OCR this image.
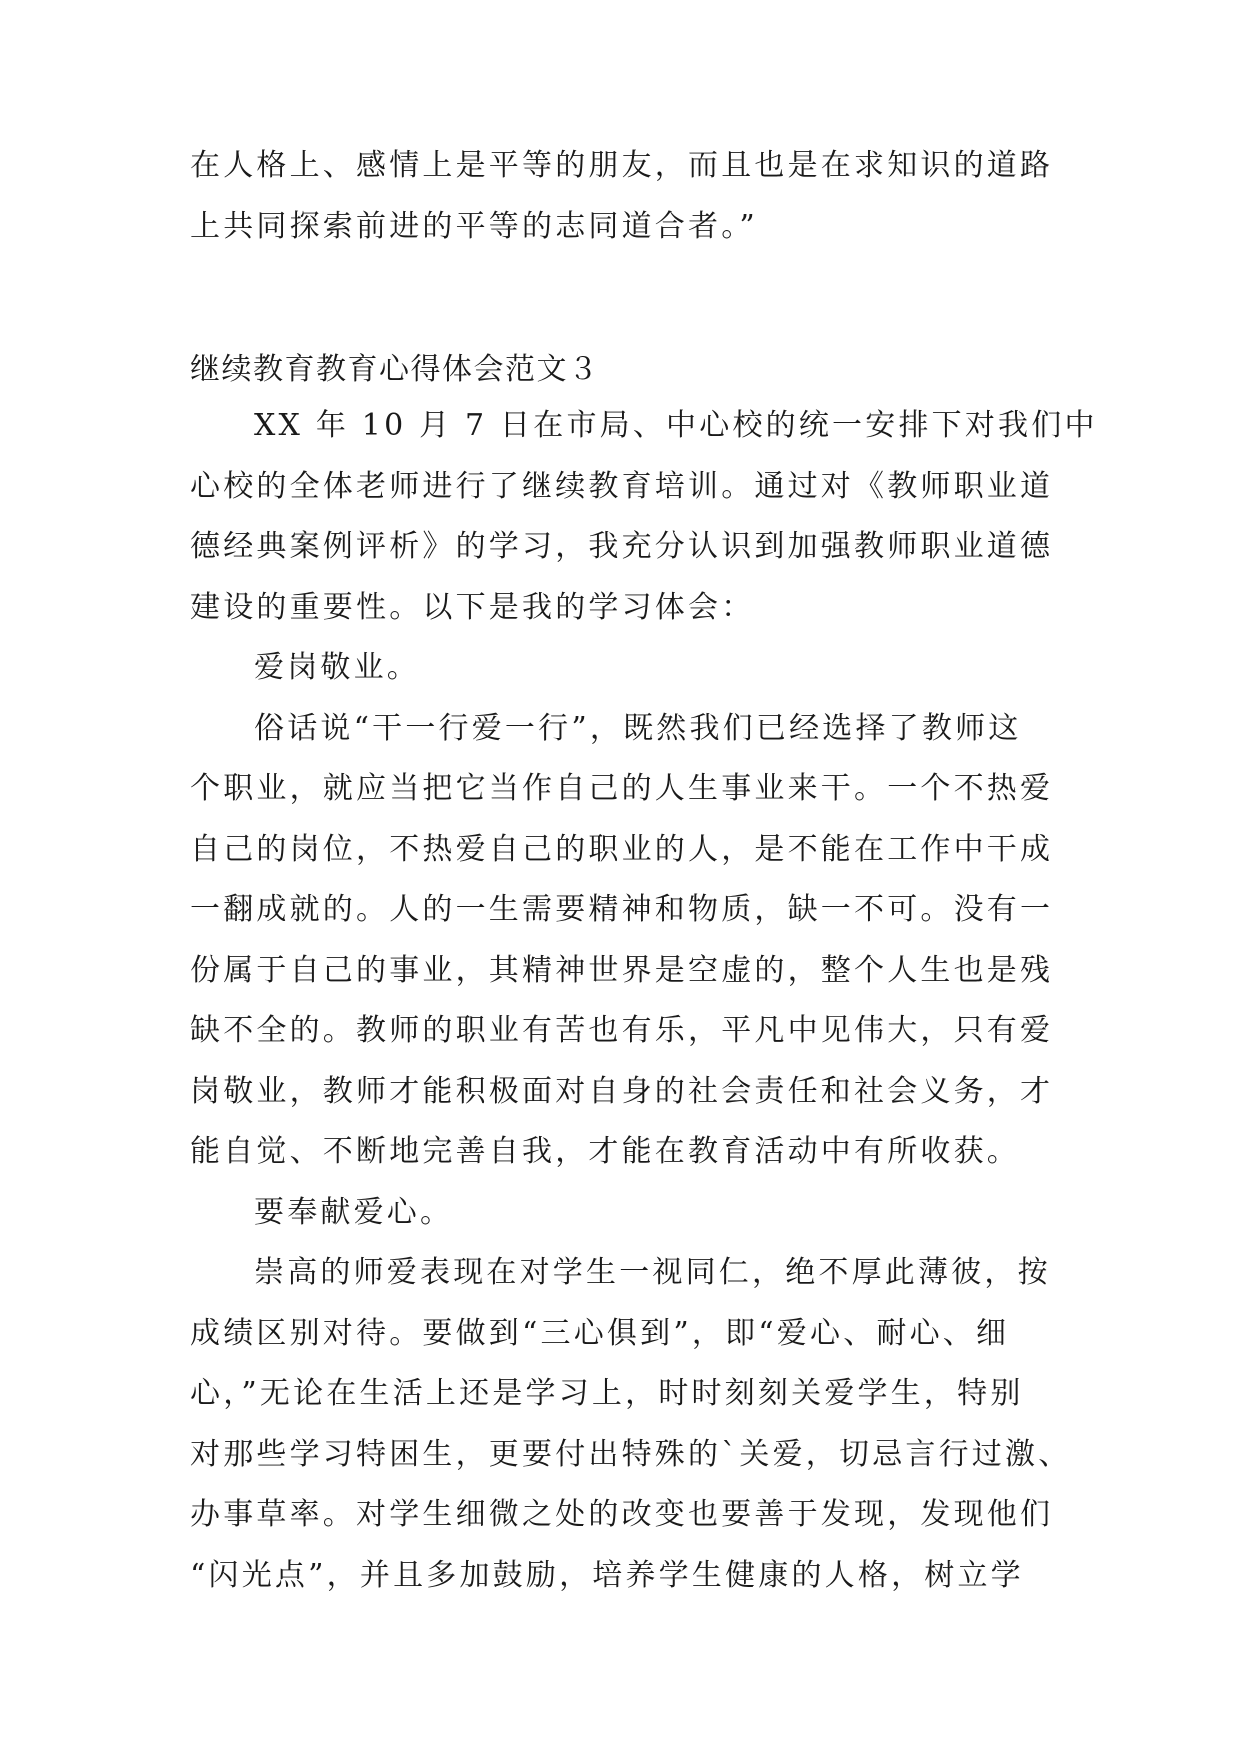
在人格上、感情上是平等的朋友，而且也是在求知识的道路
上共同探索前进的平等的志同道合者。”
继续教育教育心得体会范文３
XX 年 10 月 7 日在市局、中心校的统一安排下对我们中
心校的全体老师进行了继续教育培训。通过对《教师职业道
德经典案例评析》的学习，我充分认识到加强教师职业道德
建设的重要性。以下是我的学习体会：
爱岗敬业。
俗话说“干一行爱一行”，既然我们已经选择了教师这
个职业，就应当把它当作自己的人生事业来干。一个不热爱
自己的岗位，不热爱自己的职业的人，是不能在工作中干成
一翻成就的。人的一生需要精神和物质，缺一不可。没有一
份属于自己的事业，其精神世界是空虚的，整个人生也是残
缺不全的。教师的职业有苦也有乐，平凡中见伟大，只有爱
岗敬业，教师才能积极面对自身的社会责任和社会义务，才
能自觉、不断地完善自我，才能在教育活动中有所收获。
要奉献爱心。
崇高的师爱表现在对学生一视同仁，绝不厚此薄彼，按
成绩区别对待。要做到“三心俱到”，即“爱心、耐心、细
心，”无论在生活上还是学习上，时时刻刻关爱学生，特别
对那些学习特困生，更要付出特殊的`关爱，切忌言行过激、
办事草率。对学生细微之处的改变也要善于发现，发现他们
“闪光点”，并且多加鼓励，培养学生健康的人格，树立学
